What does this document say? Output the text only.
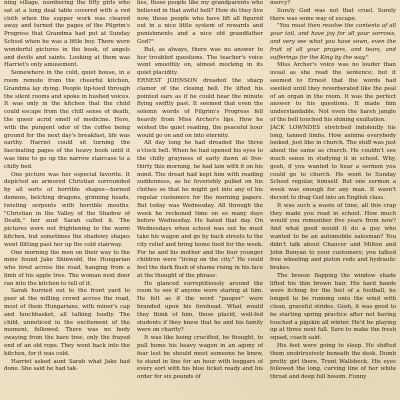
ning village, numbering the fifty girls who sat at a long deal table covered with a red cloth when the supper work was cleared away and turned the pages of the Pilgrim's Progress that Grandma had put at Sunday School when he was a little boy. There were wonderful pictures in the book, of angels and devils and saints. Looking at them was Harriet's only amusement.

Somewhere in the cold, quiet house, in a room remote from the cheerful kitchen, Grandma lay dying. People tip-toed through the silent rooms and spoke in hushed voices. It was only in the kitchen that the child could escape from the chill sense of death, the queer acrid smell of medicine. Here, with the pungent odor of the coffee being ground for the next day's breakfast, life was earthy. Harriet could sit turning the fascinating pages of the heavy book until it was time to go up the narrow staircase to a chilly bed.

One picture was her especial favorite. It depicted an armored Christian surrounded by all sorts of horrible shapes—horned demons, belching dragons, grinning heads, twisting serpents with horrible mouths. "Christian in the Valley of the Shadow of Death," her aunt Sarah called it. The pictures were not frightening to the warm kitchen, but sometimes the shadowy shapes went flitting past her up the cold stairway.

One morning the men on their way to the mine found Jake Shinwold, the Hungarian who lived across the road, hanging from a limb of his apple tree. The woman next door ran into the kitchen to tell of it.

Sarah hurried out to the front yard to peer at the milling crowd across the road, most of them Hungarians, with miner's cap and lunchbasket, all talking loudly. The child, unnoticed in the excitement of the moment, followed. There was no body swaying from the bare tree, only the frayed end of an old rope. They went back into the kitchen, for it was cold.

Harriet asked aunt Sarah what Jake had done. She said he had tak-

lies, those people like my grandparents who believed in that awful hell? How do they live now, those people who have lift all figured out in a nice little system of rewards and punishments and a nice old grandfather God?"

But, as always, there was no answer to her troubled questions. The teacher's voice went smoothly on, almost mocking in its quiet placidity.

ERNEST JOHNSON dreaded the sharp clamor of the closing bell. He lifted his pointed ears as if he could hear the minute flying swiftly past. It seemed that even the solemn words of Pilgrim's Progress fell heavily from Miss Archer's lips. How he wished the quiet reading, the peaceful hour would go on and on into eternity.

All day long he had dreaded the three o'clock bell. When he had opened his eyes to the chilly grayness of early dawn at five-thirty this morning, he had lain with it on his mind. The dread had kept him with reading suddenness, as he feverishly pulled on his clothes so that he might get into any of his regular customers for the morning papers. But today was Wednesday. All through the week he reckoned time on so many days before Wednesday. He hated that day. On Wednesdays when school was out he must take his wagon and go by back streets to the city relief and bring home food for the week. For he and his mother and the four younger children were "living on the city." He could feel the dark flush of shame rising in his face at the thought of the phrase.

He glanced surreptitiously around the room to see if anyone were staring at him. He felt as if the word "pauper" were branded upon his forehead. What would they think of him, those placid, well-fed students if they knew that he and his family were on charity?

It was like being crucified, he thought, to pull home his heavy wagon in an agony of fear lest he should meet someone he knew, to stand in line for an hour with beggars of every sort with his blue ticket ready and his order for six pounds of

mercy?

Surely God was not that cruel. Surely there was some way of escape.

"You must then resolve the contents of all your toil, and have joy for all your sorrows, and very see what you have sown, even the fruit of all your prayers, and tears, and sufferings for the King by the way."

Miss Archer's voice was no louder than usual as she read the sentence; but it seemed to Ernest that the words had swelled until they reverberated like the peal of an organ in the room. It was the perfect answer to his questions. It made him understandable. Not even the harsh jangle of the bell touched his shining exultation.

JACK LOWNDES stretched indolently his long, tanned limbs. How asinine everybody looked, just like in church. The stuff was just about the same as church. He couldn't see much sense in studying it in school. Why, gosh, if you wanted to hear a sermon you could go to church. He went to Sunday School regular, himself. But one sermon a week was enough for any man. It wasn't decent to drag God into an English class.

It was such a waste of time, all this crap they made you read in school. How much would you remember five years from now? And what good would it do a guy who wanted to be an automobile salesman? You didn't talk about Chaucer and Milton and John Bunyan to your customers; you talked free wheeling and piston rods and hydraulic brakes.

The breeze flapping the window shade lifted his thin brown hair. His hard hands were itching for the feel of a football, he longed to be running onto the wind with clean, graceful strides. Gosh, it was good to be starting spring practice after not having touched a pigskin all winter. He'd be playing up at three next fall. Sure to make the fresh squad, coach said.

His feet were going to sleep. He shifted them unobtrusively beneath the desk. Dumb pretty girl there, Trent Wallsbeck. His eyes followed the long, curving line of her white throat and deep full bosom. Funny
